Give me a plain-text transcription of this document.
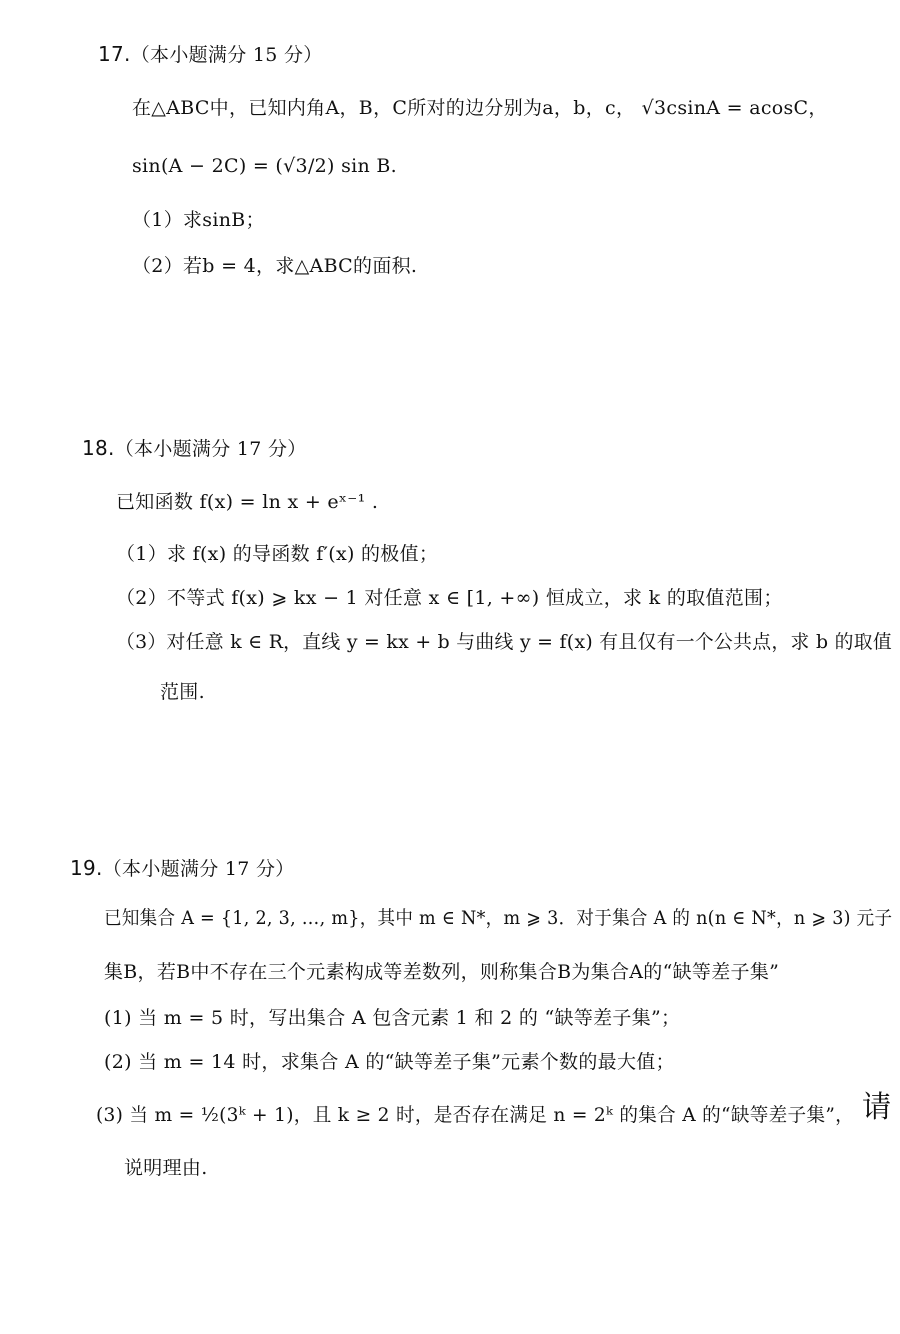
17.（本小题满分 15 分）
在△ABC中，已知内角A，B，C所对的边分别为a，b，c， √3csinA = acosC，
sin(A − 2C) = (√3/2) sin B.
（1）求sinB；
（2）若b = 4，求△ABC的面积.
18.（本小题满分 17 分）
已知函数 f(x) = ln x + eˣ⁻¹ .
（1）求 f(x) 的导函数 f′(x) 的极值；
（2）不等式 f(x) ⩾ kx − 1 对任意 x ∈ [1, +∞) 恒成立，求 k 的取值范围；
（3）对任意 k ∈ R，直线 y = kx + b 与曲线 y = f(x) 有且仅有一个公共点，求 b 的取值
范围.
19.（本小题满分 17 分）
已知集合 A = {1, 2, 3, …, m}，其中 m ∈ N*，m ⩾ 3．对于集合 A 的 n(n ∈ N*，n ⩾ 3) 元子
集B，若B中不存在三个元素构成等差数列，则称集合B为集合A的“缺等差子集”
(1) 当 m = 5 时，写出集合 A 包含元素 1 和 2 的 “缺等差子集”；
(2) 当 m = 14 时，求集合 A 的“缺等差子集”元素个数的最大值；
(3) 当 m = ½(3ᵏ + 1)，且 k ≥ 2 时，是否存在满足 n = 2ᵏ 的集合 A 的“缺等差子集”， 请
说明理由.
